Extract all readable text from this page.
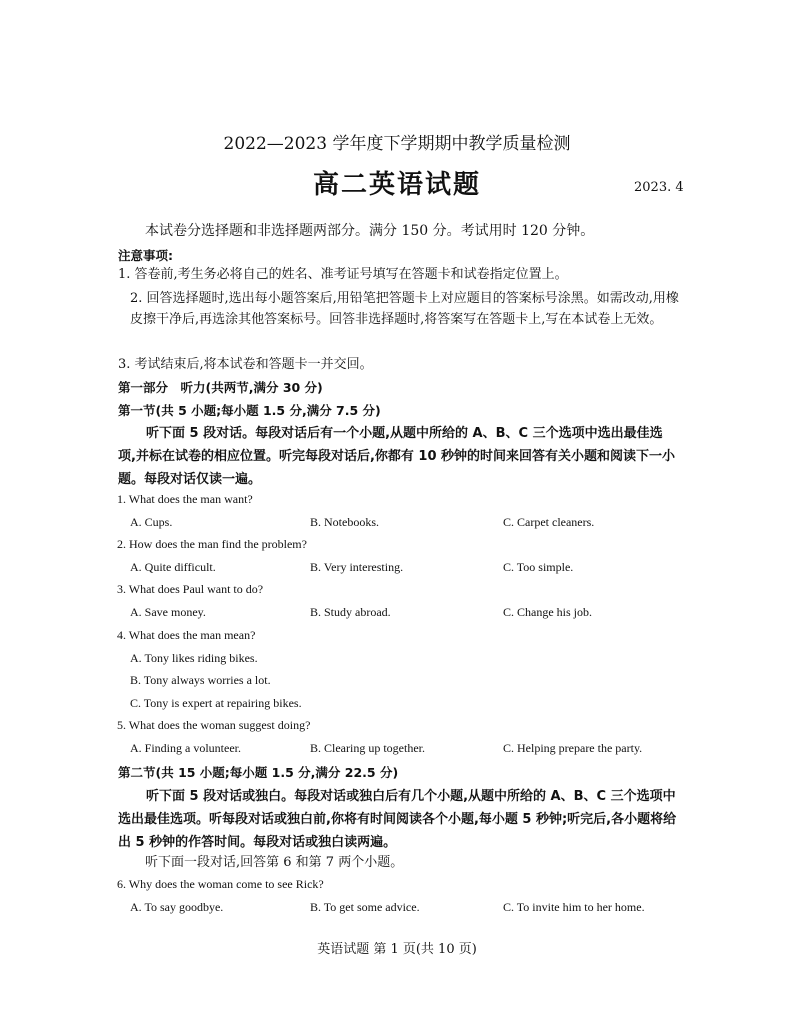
2022—2023 学年度下学期期中教学质量检测
高二英语试题	2023. 4
本试卷分选择题和非选择题两部分。满分 150 分。考试用时 120 分钟。
注意事项:
1. 答卷前,考生务必将自己的姓名、准考证号填写在答题卡和试卷指定位置上。
2. 回答选择题时,选出每小题答案后,用铅笔把答题卡上对应题目的答案标号涂黑。如需改动,用橡皮擦干净后,再选涂其他答案标号。回答非选择题时,将答案写在答题卡上,写在本试卷上无效。
3. 考试结束后,将本试卷和答题卡一并交回。
第一部分　听力(共两节,满分 30 分)
第一节(共 5 小题;每小题 1.5 分,满分 7.5 分)
听下面 5 段对话。每段对话后有一个小题,从题中所给的 A、B、C 三个选项中选出最佳选项,并标在试卷的相应位置。听完每段对话后,你都有 10 秒钟的时间来回答有关小题和阅读下一小题。每段对话仅读一遍。
1. What does the man want?
A. Cups.	B. Notebooks.	C. Carpet cleaners.
2. How does the man find the problem?
A. Quite difficult.	B. Very interesting.	C. Too simple.
3. What does Paul want to do?
A. Save money.	B. Study abroad.	C. Change his job.
4. What does the man mean?
A. Tony likes riding bikes.
B. Tony always worries a lot.
C. Tony is expert at repairing bikes.
5. What does the woman suggest doing?
A. Finding a volunteer.	B. Clearing up together.	C. Helping prepare the party.
第二节(共 15 小题;每小题 1.5 分,满分 22.5 分)
听下面 5 段对话或独白。每段对话或独白后有几个小题,从题中所给的 A、B、C 三个选项中选出最佳选项。听每段对话或独白前,你将有时间阅读各个小题,每小题 5 秒钟;听完后,各小题将给出 5 秒钟的作答时间。每段对话或独白读两遍。
听下面一段对话,回答第 6 和第 7 两个小题。
6. Why does the woman come to see Rick?
A. To say goodbye.	B. To get some advice.	C. To invite him to her home.
英语试题 第 1 页(共 10 页)
